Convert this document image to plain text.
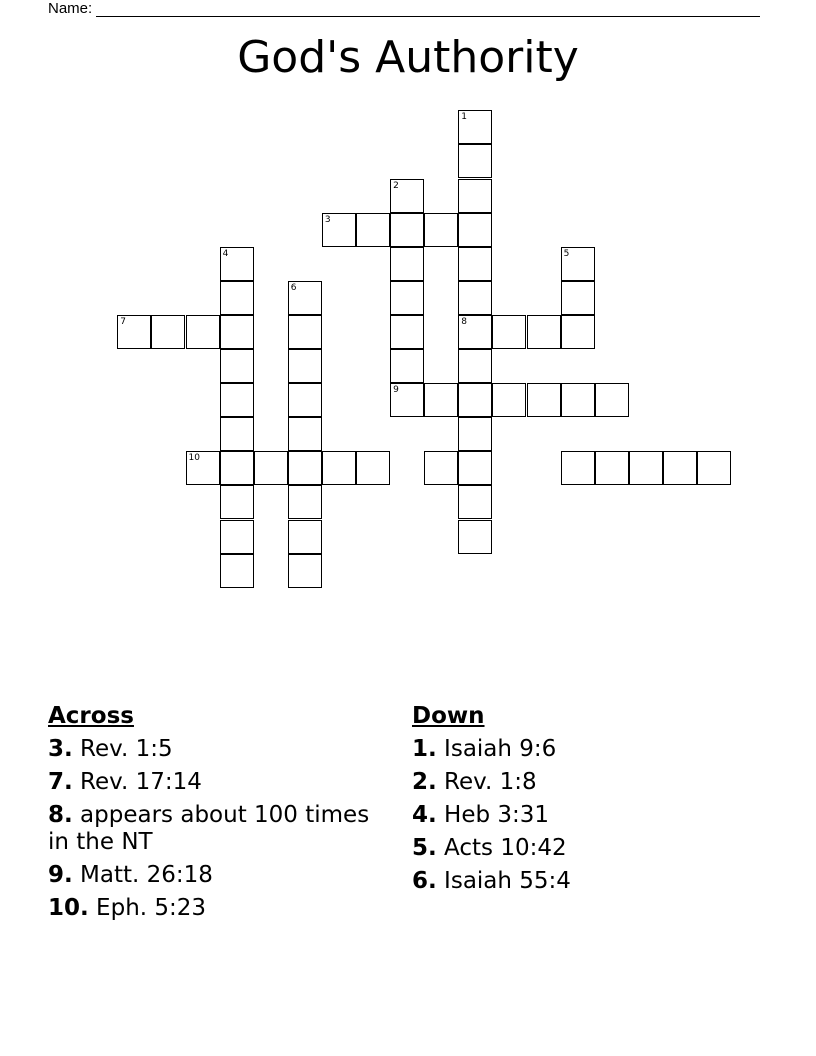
Name:
God's Authority
1
2
3
4	5
6
7	8
9
10
Across
3. Rev. 1:5
7. Rev. 17:14
8. appears about 100 times in the NT
9. Matt. 26:18
10. Eph. 5:23
Down
1. Isaiah 9:6
2. Rev. 1:8
4. Heb 3:31
5. Acts 10:42
6. Isaiah 55:4
